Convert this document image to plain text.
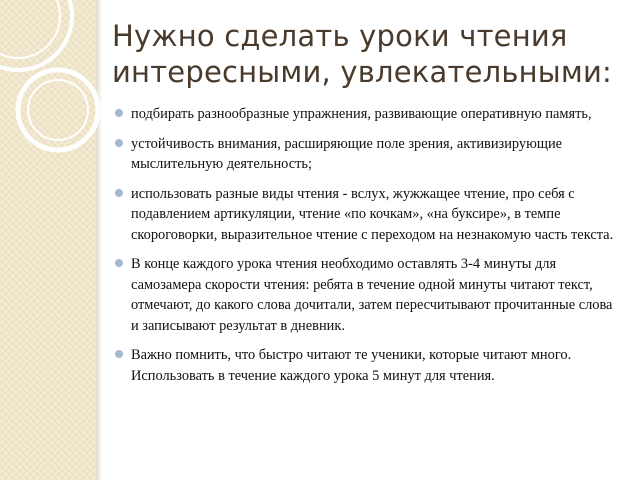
Нужно сделать уроки чтения
интересными, увлекательными:
подбирать разнообразные упражнения, развивающие оперативную память,
устойчивость внимания, расширяющие поле зрения, активизирующие мыслительную деятельность;
использовать разные виды чтения - вслух, жужжащее чтение, про себя с подавлением артикуляции, чтение «по кочкам», «на буксире», в темпе скороговорки, выразительное чтение с переходом на незнакомую часть текста.
В конце каждого урока чтения необходимо оставлять 3-4 минуты для самозамера скорости чтения: ребята в течение одной минуты читают текст, отмечают, до какого слова дочитали, затем пересчитывают прочитанные слова и записывают результат в дневник.
Важно помнить, что быстро читают те ученики, которые читают много. Использовать в течение каждого урока 5 минут для чтения.
